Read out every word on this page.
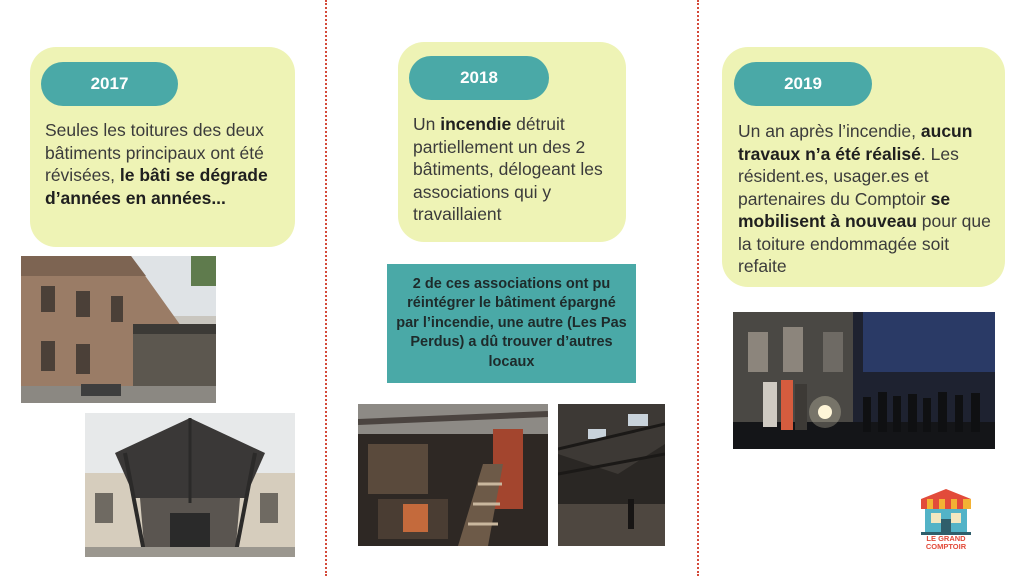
2017
Seules les toitures des deux bâtiments principaux ont été révisées, le bâti se dégrade d’années en années...
2018
Un incendie détruit partiellement un des 2 bâtiments, délogeant les associations qui y travaillaient
2 de ces associations ont pu réintégrer le bâtiment épargné par l’incendie, une autre (Les Pas Perdus) a dû trouver d’autres locaux
2019
Un an après l’incendie, aucun travaux n’a été réalisé. Les résident.es, usager.es et partenaires du Comptoir se mobilisent à nouveau pour que la toiture endommagée soit refaite
LE GRAND
COMPTOIR
